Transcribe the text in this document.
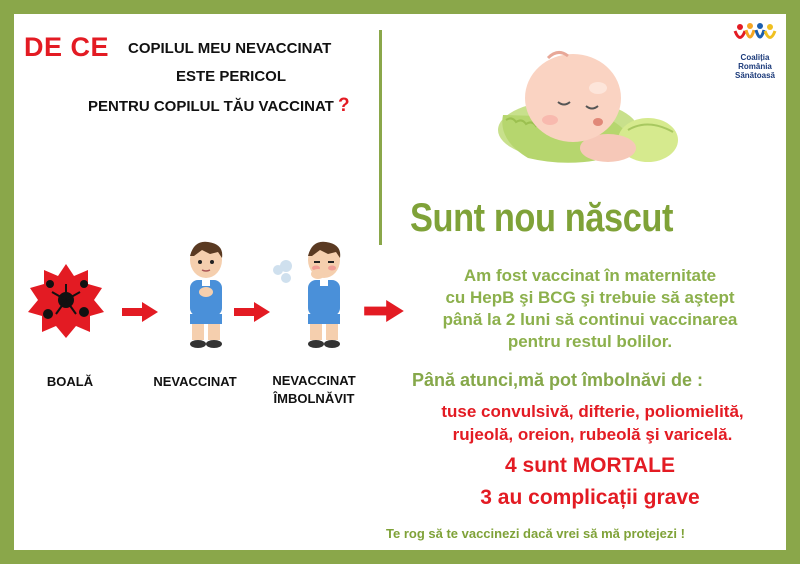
DE CE COPILUL MEU NEVACCINAT
ESTE PERICOL
PENTRU COPILUL TĂU VACCINAT ?
Coaliția
România
Sănătoasă
Sunt nou născut
Am fost vaccinat în maternitate
cu HepB şi BCG şi trebuie să aştept
până la 2 luni să continui vaccinarea
pentru restul bolilor.
Până atunci,mă pot îmbolnăvi de :
tuse convulsivă, difterie, poliomielită,
rujeolă, oreion, rubeolă şi varicelă.
4 sunt MORTALE
3 au complicații grave
Te rog să te vaccinezi dacă vrei să mă protejezi !
BOALĂ	NEVACCINAT	NEVACCINAT
ÎMBOLNĂVIT
